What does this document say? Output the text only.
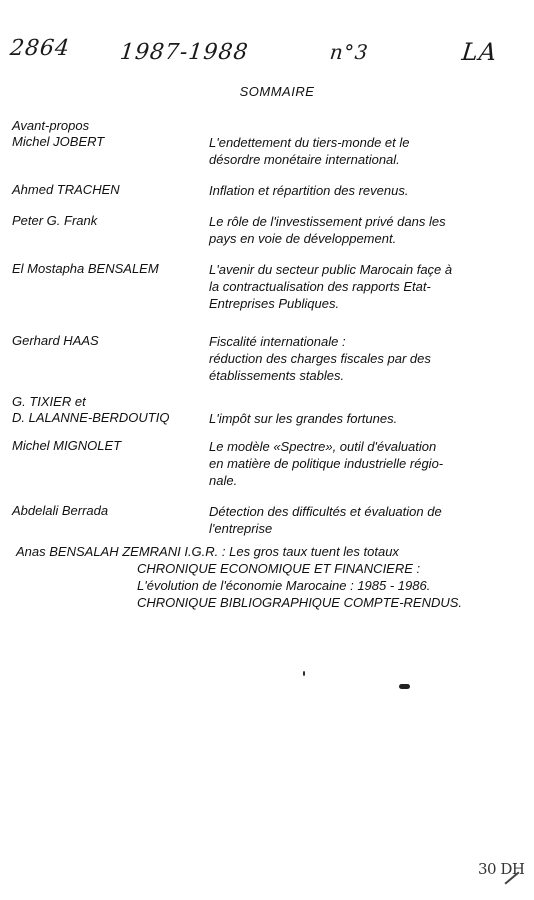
2864 1987-1988	n°3	LA
SOMMAIRE
Avant-propos
Michel JOBERT	L'endettement du tiers-monde et le
désordre monétaire international.
Ahmed TRACHEN	Inflation et répartition des revenus.
Peter G. Frank	Le rôle de l'investissement privé dans les
pays en voie de développement.
El Mostapha BENSALEM	L'avenir du secteur public Marocain façe à
la contractualisation des rapports Etat-
Entreprises Publiques.
Gerhard HAAS	Fiscalité internationale :
réduction des charges fiscales par des
établissements stables.
G. TIXIER et
D. LALANNE-BERDOUTIQ	L'impôt sur les grandes fortunes.
Michel MIGNOLET	Le modèle «Spectre», outil d'évaluation
en matière de politique industrielle régio-
nale.
Abdelali Berrada	Détection des difficultés et évaluation de
l'entreprise
Anas BENSALAH ZEMRANI I.G.R. : Les gros taux tuent les totaux
CHRONIQUE ECONOMIQUE ET FINANCIERE :
L'évolution de l'économie Marocaine : 1985 - 1986.
CHRONIQUE BIBLIOGRAPHIQUE COMPTE-RENDUS.
30 DH
